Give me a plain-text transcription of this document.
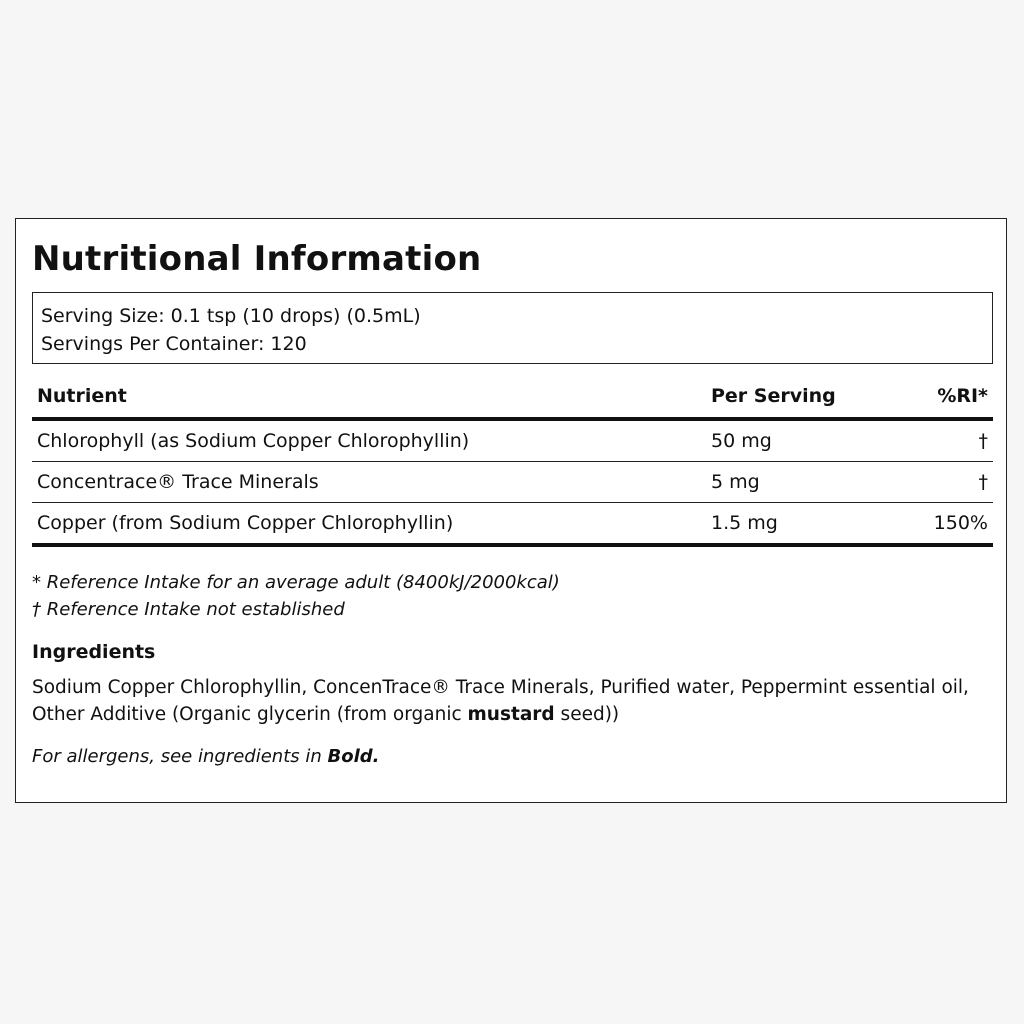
Nutritional Information
Serving Size: 0.1 tsp (10 drops) (0.5mL)
Servings Per Container: 120
Nutrient	Per Serving	%RI*
Chlorophyll (as Sodium Copper Chlorophyllin)	50 mg	†
Concentrace® Trace Minerals	5 mg	†
Copper (from Sodium Copper Chlorophyllin)	1.5 mg	150%
* Reference Intake for an average adult (8400kJ/2000kcal)
† Reference Intake not established
Ingredients
Sodium Copper Chlorophyllin, ConcenTrace® Trace Minerals, Purified water, Peppermint essential oil, Other Additive (Organic glycerin (from organic mustard seed))
For allergens, see ingredients in Bold.
